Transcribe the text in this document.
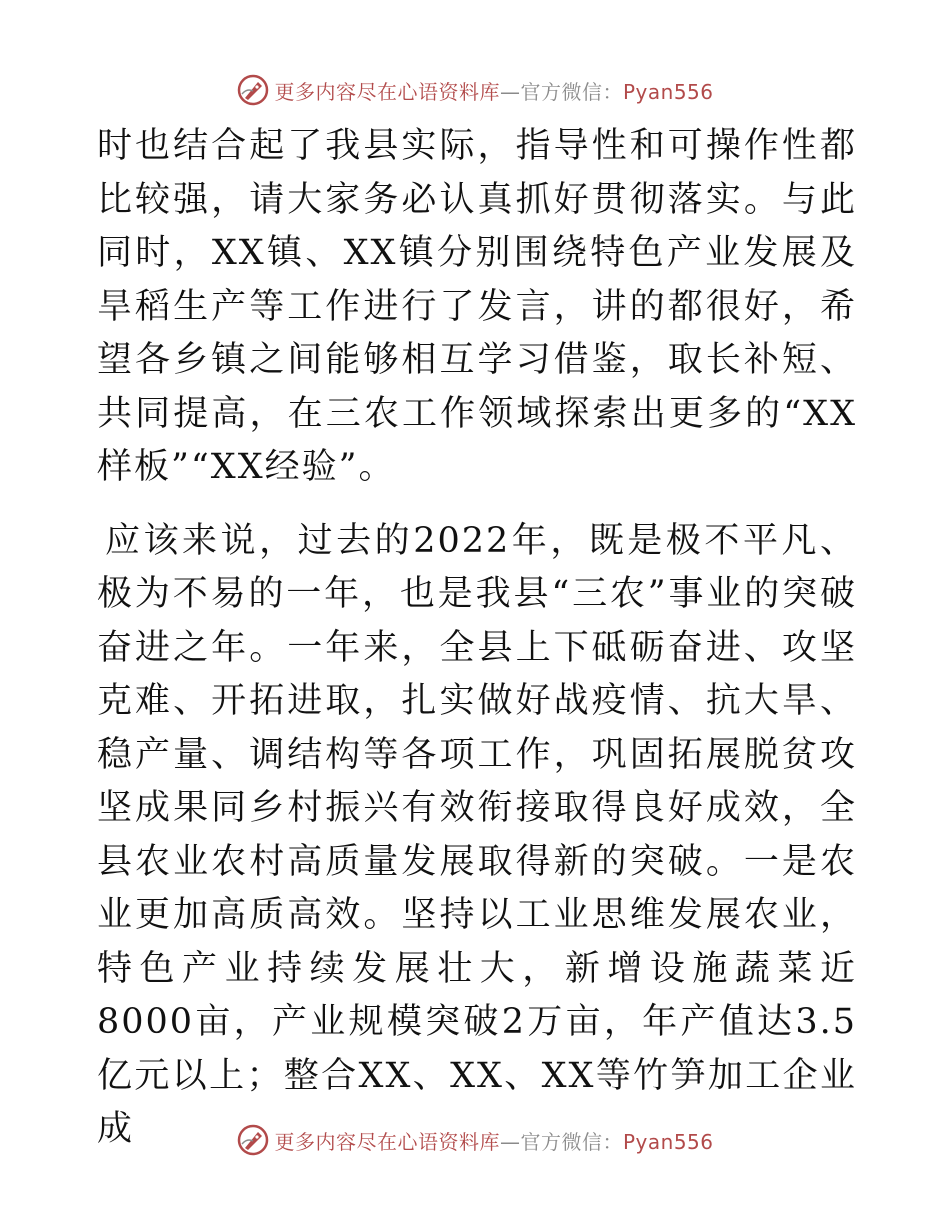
更多内容尽在心语资料库—官方微信：Pyan556

时也结合起了我县实际，指导性和可操作性都比较强，请大家务必认真抓好贯彻落实。与此同时，XX镇、XX镇分别围绕特色产业发展及旱稻生产等工作进行了发言，讲的都很好，希望各乡镇之间能够相互学习借鉴，取长补短、共同提高，在三农工作领域探索出更多的“XX样板”“XX经验”。

应该来说，过去的2022年，既是极不平凡、极为不易的一年，也是我县“三农”事业的突破奋进之年。一年来，全县上下砥砺奋进、攻坚克难、开拓进取，扎实做好战疫情、抗大旱、稳产量、调结构等各项工作，巩固拓展脱贫攻坚成果同乡村振兴有效衔接取得良好成效，全县农业农村高质量发展取得新的突破。一是农业更加高质高效。坚持以工业思维发展农业，特色产业持续发展壮大，新增设施蔬菜近8000亩，产业规模突破2万亩，年产值达3.5亿元以上；整合XX、XX、XX等竹笋加工企业成	更多内容尽在心语资料库—官方微信：Pyan556
